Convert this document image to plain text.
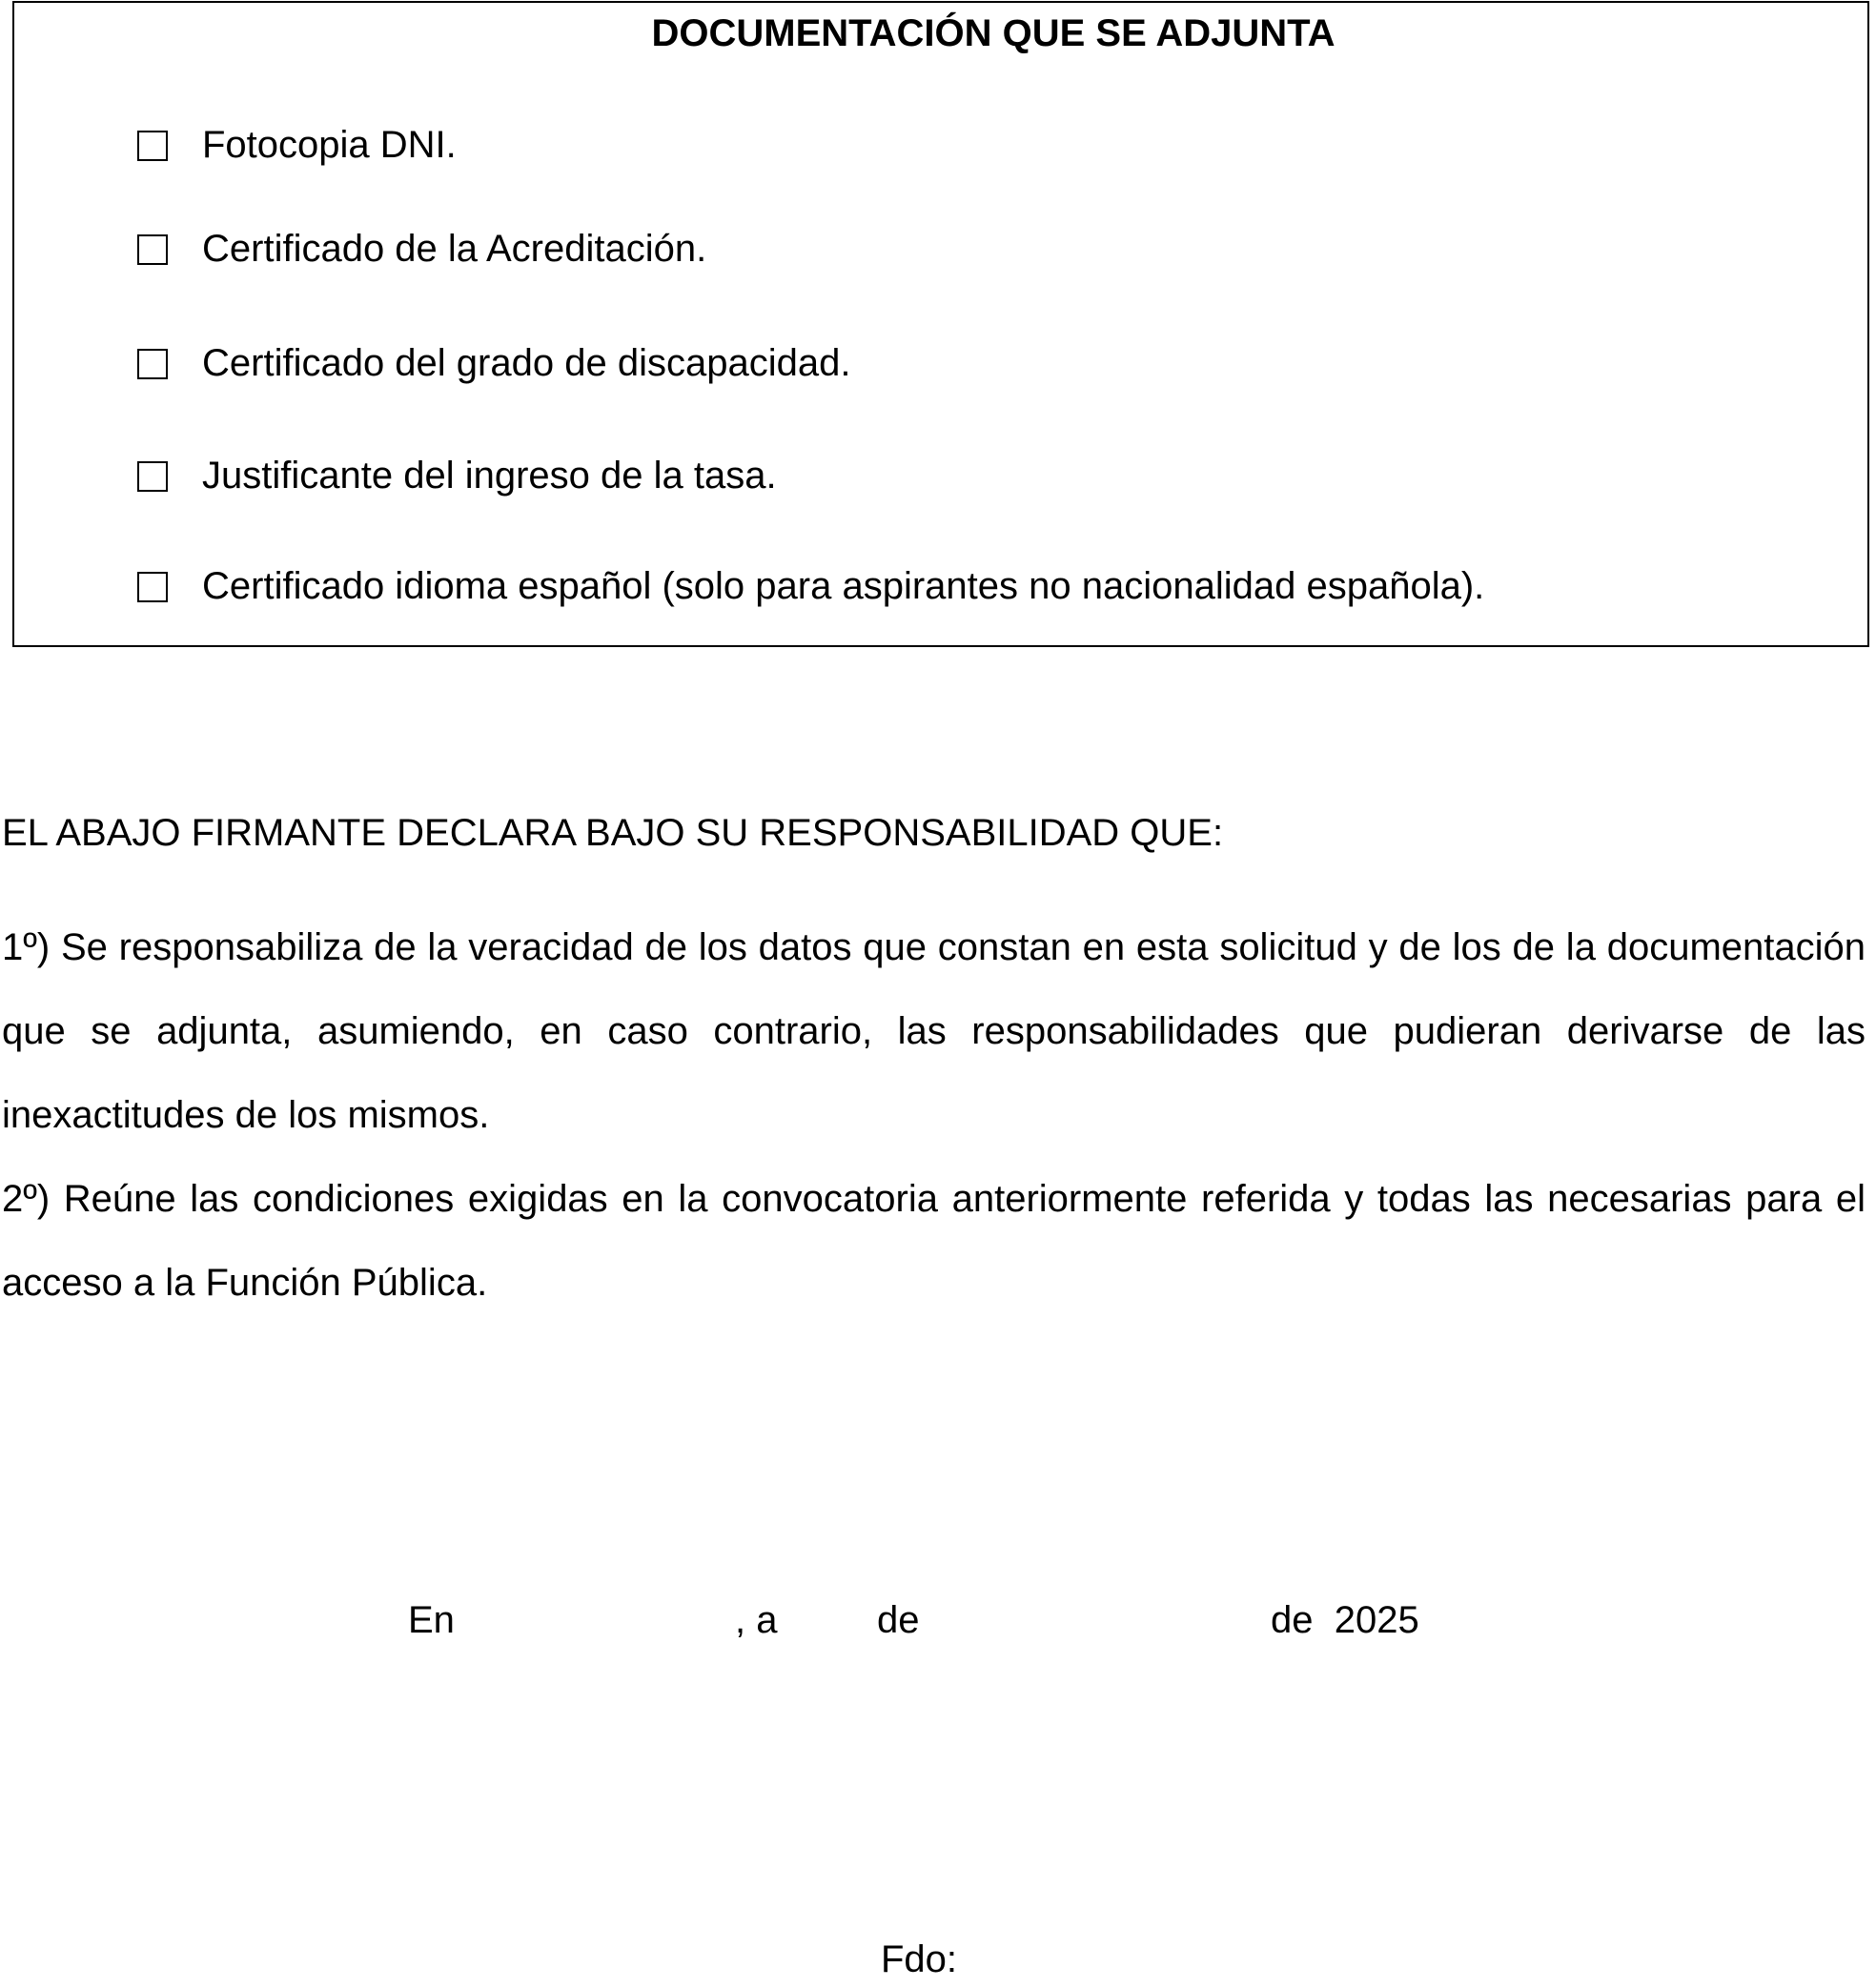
DOCUMENTACIÓN QUE SE ADJUNTA
Fotocopia DNI.
Certificado de la Acreditación.
Certificado del grado de discapacidad.
Justificante del ingreso de la tasa.
Certificado idioma español (solo para aspirantes no nacionalidad española).
EL ABAJO FIRMANTE DECLARA BAJO SU RESPONSABILIDAD QUE:

1º) Se responsabiliza de la veracidad de los datos que constan en esta solicitud y de los de la documentación que se adjunta, asumiendo, en caso contrario, las responsabilidades que pudieran derivarse de las inexactitudes de los mismos.

2º) Reúne las condiciones exigidas en la convocatoria anteriormente referida y todas las necesarias para el acceso a la Función Pública.

En	, a	de	de  2025
Fdo:
